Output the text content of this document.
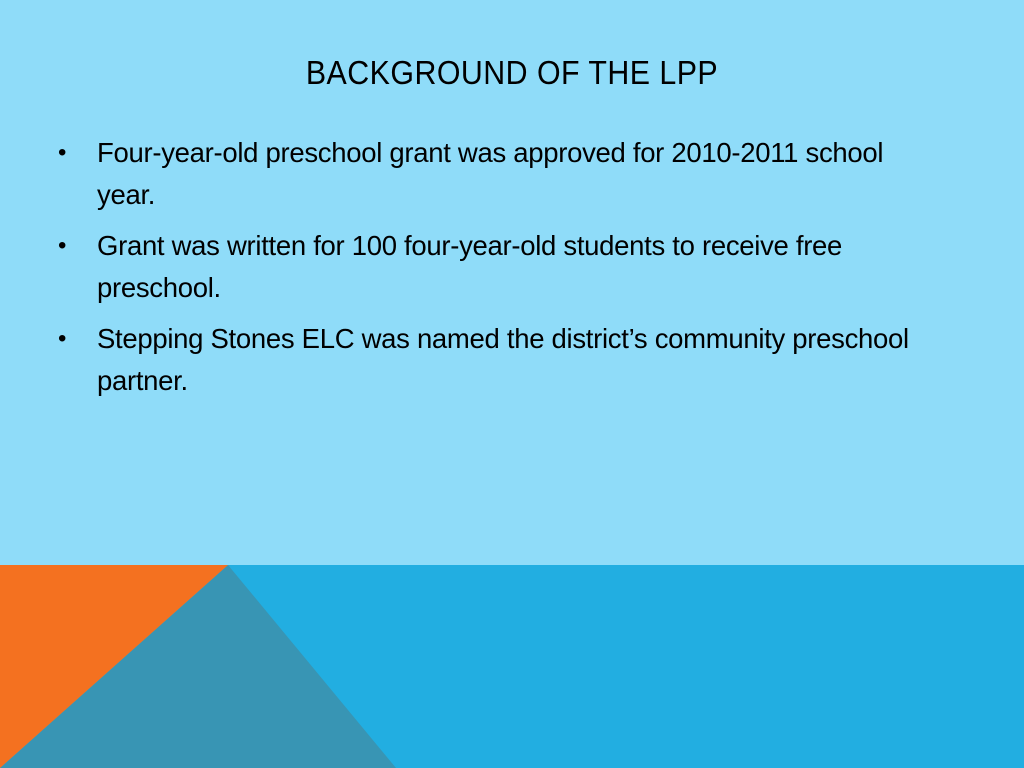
BACKGROUND OF THE LPP
• Four-year-old preschool grant was approved for 2010-2011 school year.
• Grant was written for 100 four-year-old students to receive free preschool.
• Stepping Stones ELC was named the district’s community preschool partner.
